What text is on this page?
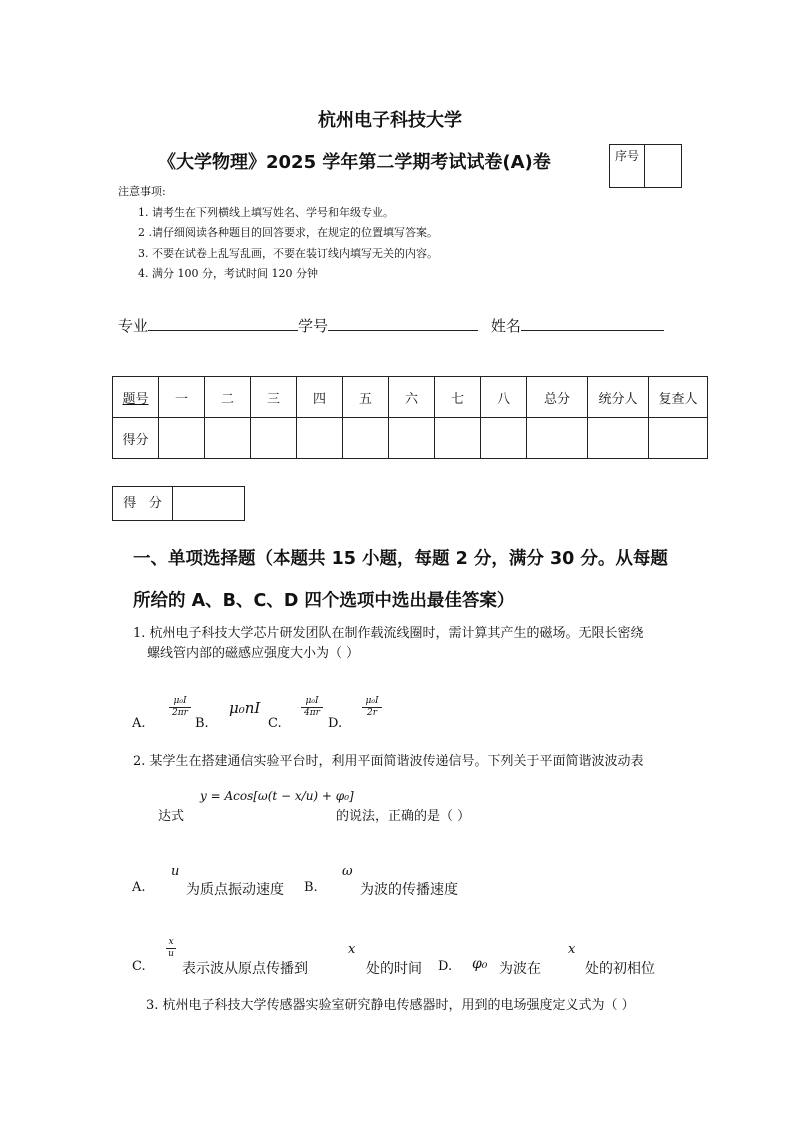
杭州电子科技大学
《大学物理》2025 学年第二学期考试试卷(A)卷	序号
注意事项:
1. 请考生在下列横线上填写姓名、学号和年级专业。
2 .请仔细阅读各种题目的回答要求，在规定的位置填写答案。
3. 不要在试卷上乱写乱画，不要在装订线内填写无关的内容。
4. 满分 100 分，考试时间 120 分钟
专业	学号	姓名
题号	一	二	三	四	五	六	七	八	总分	统分人	复查人
得分											
得   分
一、单项选择题（本题共 15 小题，每题 2 分，满分 30 分。从每题
所给的 A、B、C、D 四个选项中选出最佳答案）
1. 杭州电子科技大学芯片研发团队在制作载流线圈时，需计算其产生的磁场。无限长密绕
螺线管内部的磁感应强度大小为（ ）
A.
$\frac{\text{μ₀I}}{2\pi r}$
B.
μ₀nI
C.
$\frac{\text{μ₀I}}{4\pi r}$
D.
$\frac{\text{μ₀I}}{2r}$
2. 某学生在搭建通信实验平台时，利用平面简谐波传递信号。下列关于平面简谐波波动表
y = Acos[ω(t − x/u) + φ₀]
达式	的说法，正确的是（ ）
A.
u
为质点振动速度 B.
ω
为波的传播速度
C.
$\frac{x}{u}$
表示波从原点传播到
x
处的时间 D. φ₀ 为波在
x
处的初相位
3. 杭州电子科技大学传感器实验室研究静电传感器时，用到的电场强度定义式为（ ）
